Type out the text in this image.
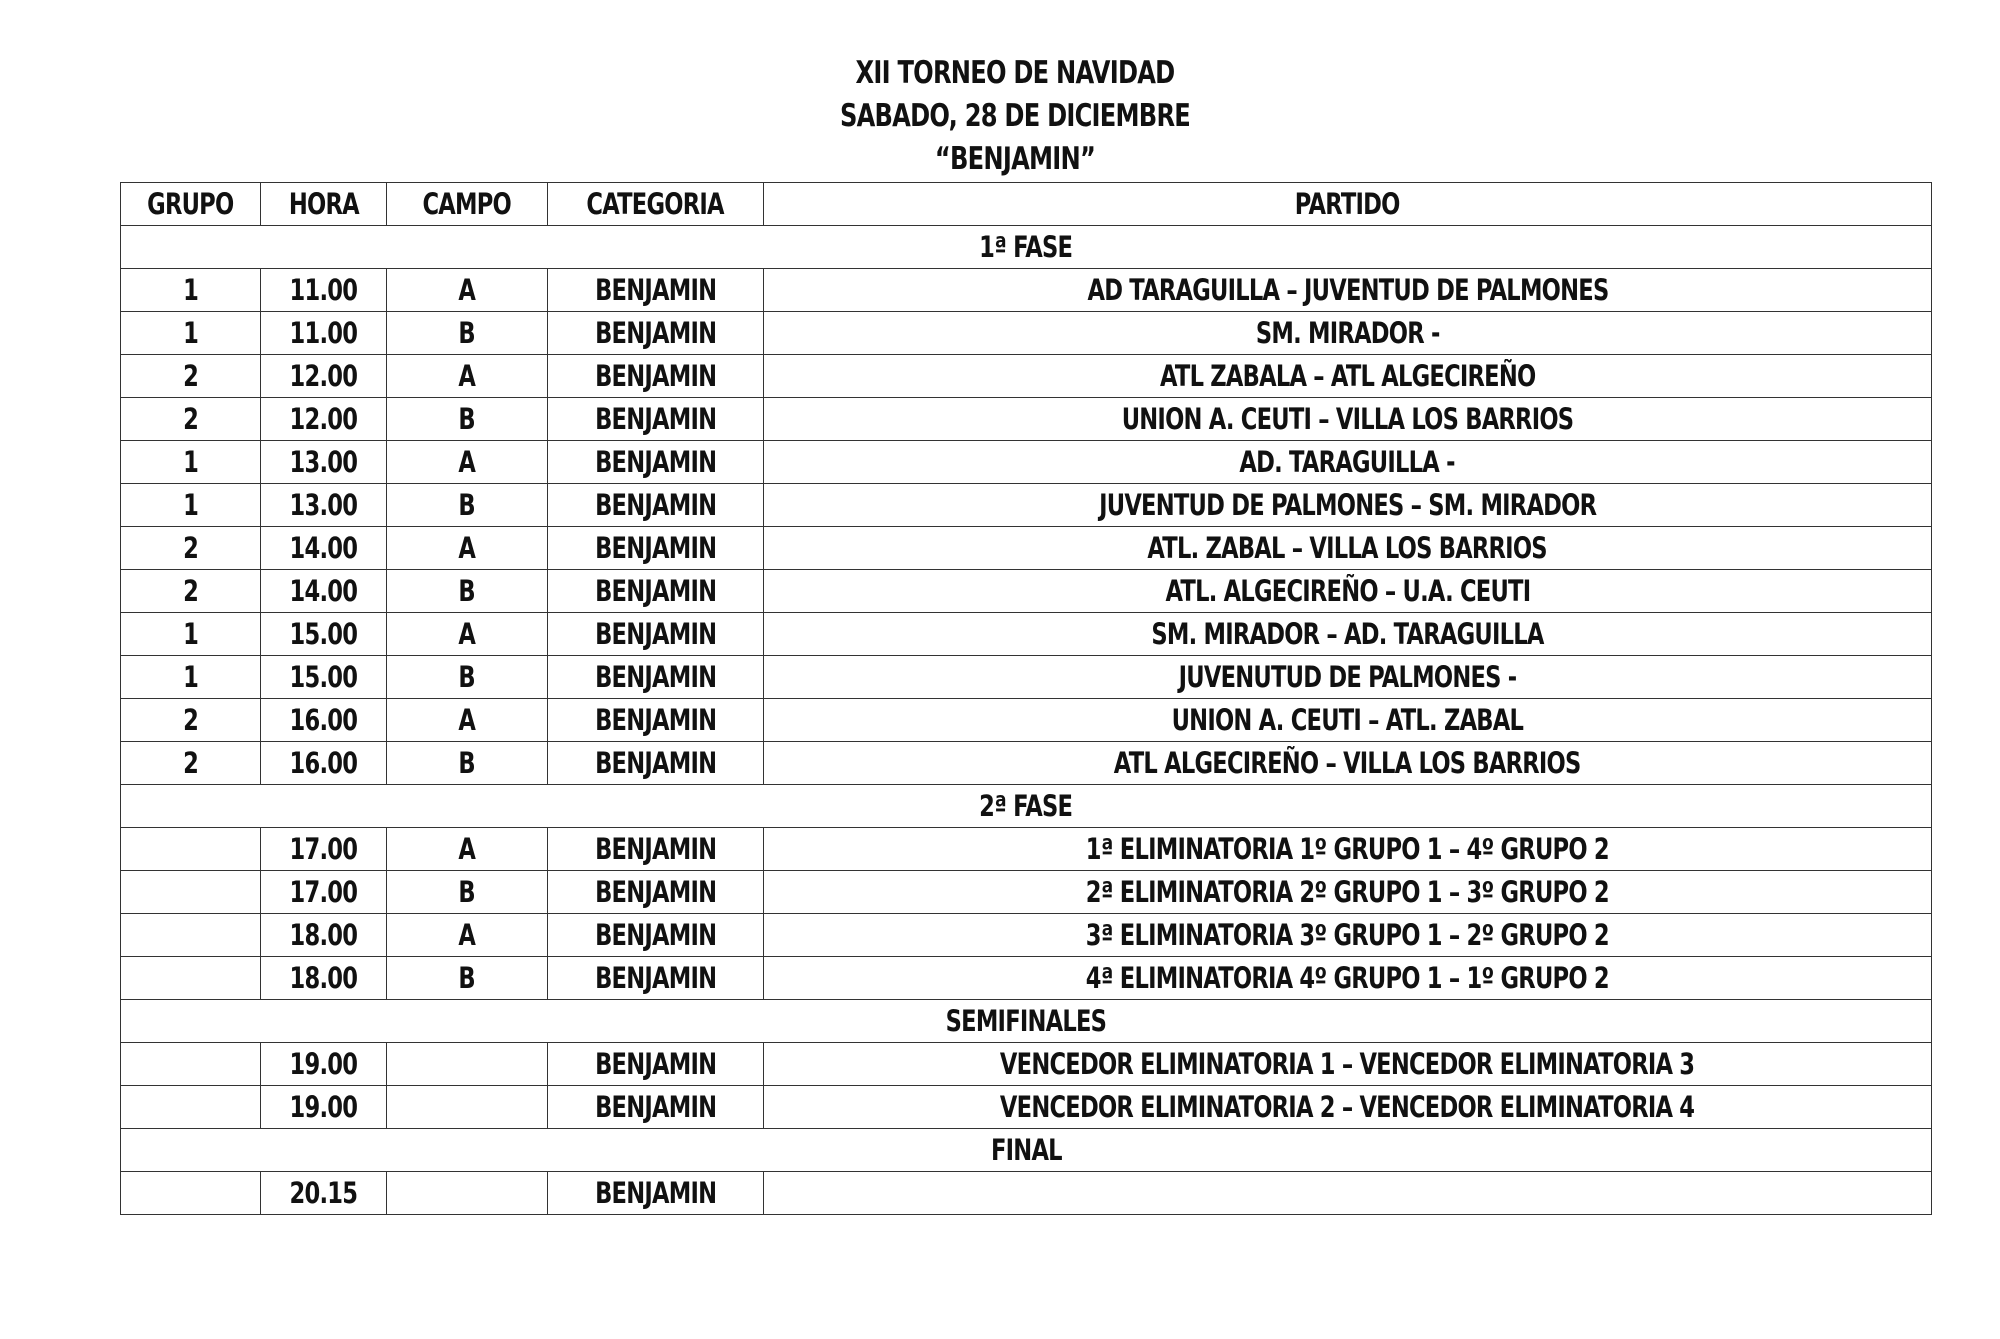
XII TORNEO DE NAVIDAD
SABADO, 28 DE DICIEMBRE
“BENJAMIN”
GRUPO	HORA	CAMPO	CATEGORIA	PARTIDO
1ª FASE				
1	11.00	A	BENJAMIN	AD TARAGUILLA – JUVENTUD DE PALMONES
1	11.00	B	BENJAMIN	SM. MIRADOR -
2	12.00	A	BENJAMIN	ATL ZABALA – ATL ALGECIREÑO
2	12.00	B	BENJAMIN	UNION A. CEUTI – VILLA LOS BARRIOS
1	13.00	A	BENJAMIN	AD. TARAGUILLA -
1	13.00	B	BENJAMIN	JUVENTUD DE PALMONES – SM. MIRADOR
2	14.00	A	BENJAMIN	ATL. ZABAL – VILLA LOS BARRIOS
2	14.00	B	BENJAMIN	ATL. ALGECIREÑO – U.A. CEUTI
1	15.00	A	BENJAMIN	SM. MIRADOR – AD. TARAGUILLA
1	15.00	B	BENJAMIN	JUVENUTUD DE PALMONES -
2	16.00	A	BENJAMIN	UNION A. CEUTI – ATL. ZABAL
2	16.00	B	BENJAMIN	ATL ALGECIREÑO – VILLA LOS BARRIOS
2ª FASE				
	17.00	A	BENJAMIN	1ª ELIMINATORIA 1º GRUPO 1 – 4º GRUPO 2
	17.00	B	BENJAMIN	2ª ELIMINATORIA 2º GRUPO 1 – 3º GRUPO 2
	18.00	A	BENJAMIN	3ª ELIMINATORIA 3º GRUPO 1 – 2º GRUPO 2
	18.00	B	BENJAMIN	4ª ELIMINATORIA 4º GRUPO 1 – 1º GRUPO 2
SEMIFINALES				
	19.00		BENJAMIN	VENCEDOR ELIMINATORIA 1 – VENCEDOR ELIMINATORIA 3
	19.00		BENJAMIN	VENCEDOR ELIMINATORIA 2 – VENCEDOR ELIMINATORIA 4
FINAL				
	20.15		BENJAMIN	
